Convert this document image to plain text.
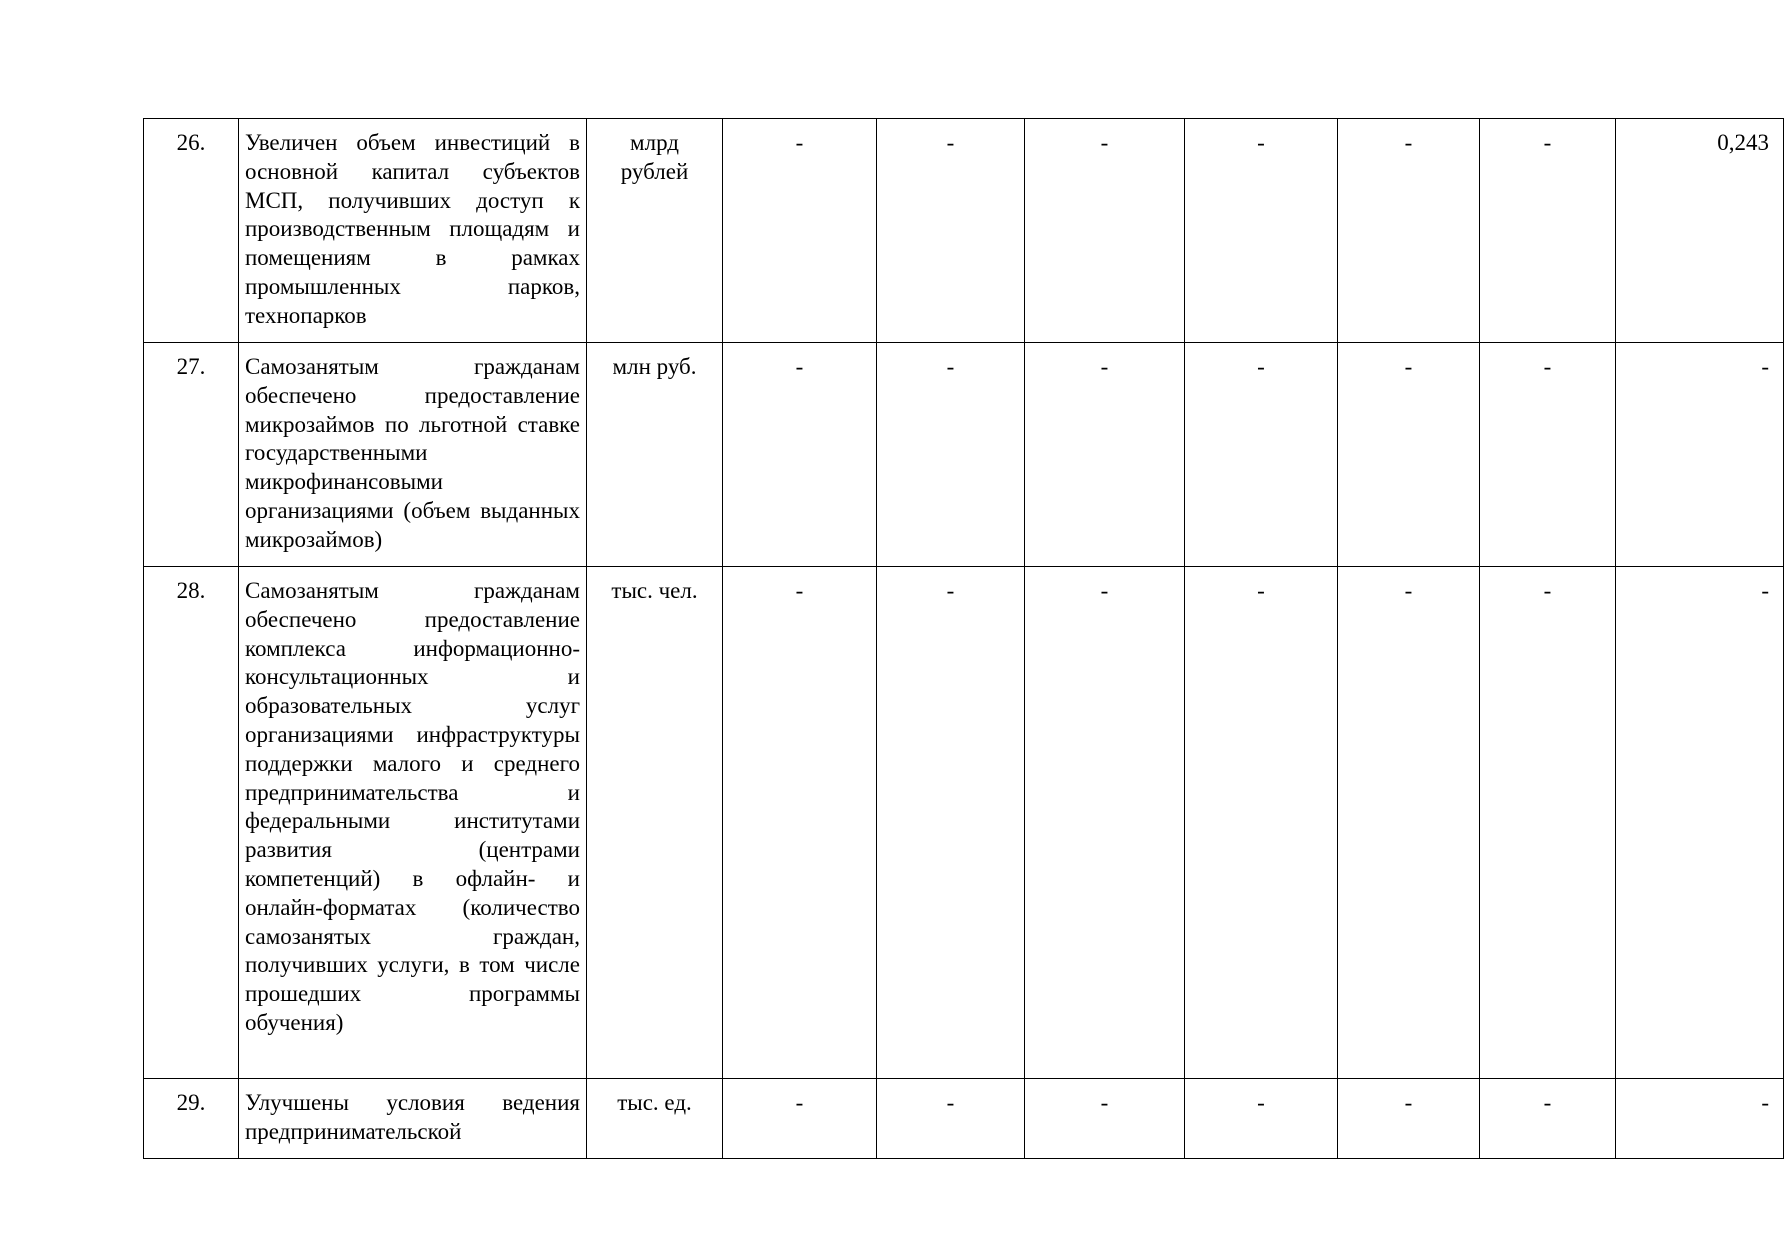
26.	Увеличен объем инвестиций в основной капитал субъектов МСП, получивших доступ к производственным площадям и помещениям в рамках промышленных парков, технопарков	млрд рублей	-	-	-	-	-	-	0,243
27.	Самозанятым гражданам обеспечено предоставление микрозаймов по льготной ставке государственными микрофинансовыми организациями (объем выданных микрозаймов)	млн руб.	-	-	-	-	-	-	-
28.	Самозанятым гражданам обеспечено предоставление комплекса информационно-консультационных и образовательных услуг организациями инфраструктуры поддержки малого и среднего предпринимательства и федеральными институтами развития (центрами компетенций) в офлайн- и онлайн-форматах (количество самозанятых граждан, получивших услуги, в том числе прошедших программы обучения)	тыс. чел.	-	-	-	-	-	-	-
29.	Улучшены условия ведения предпринимательской	тыс. ед.	-	-	-	-	-	-	-
